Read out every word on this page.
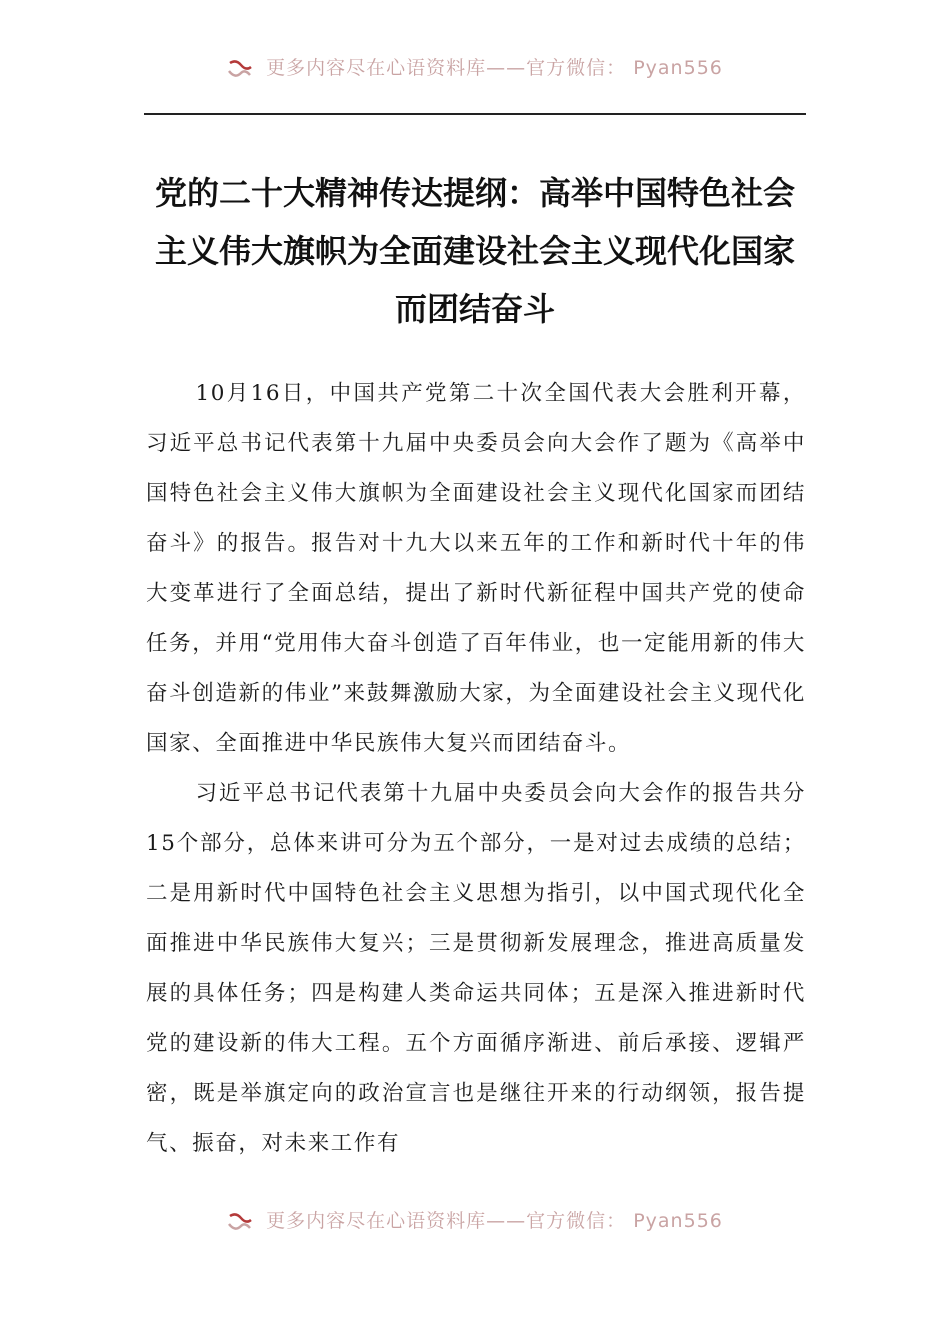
更多内容尽在心语资料库——官方微信： Pyan556
党的二十大精神传达提纲：高举中国特色社会主义伟大旗帜为全面建设社会主义现代化国家而团结奋斗

10月16日，中国共产党第二十次全国代表大会胜利开幕，习近平总书记代表第十九届中央委员会向大会作了题为《高举中国特色社会主义伟大旗帜为全面建设社会主义现代化国家而团结奋斗》的报告。报告对十九大以来五年的工作和新时代十年的伟大变革进行了全面总结，提出了新时代新征程中国共产党的使命任务，并用“党用伟大奋斗创造了百年伟业，也一定能用新的伟大奋斗创造新的伟业”来鼓舞激励大家，为全面建设社会主义现代化国家、全面推进中华民族伟大复兴而团结奋斗。

习近平总书记代表第十九届中央委员会向大会作的报告共分15个部分，总体来讲可分为五个部分，一是对过去成绩的总结；二是用新时代中国特色社会主义思想为指引，以中国式现代化全面推进中华民族伟大复兴；三是贯彻新发展理念，推进高质量发展的具体任务；四是构建人类命运共同体；五是深入推进新时代党的建设新的伟大工程。五个方面循序渐进、前后承接、逻辑严密，既是举旗定向的政治宣言也是继往开来的行动纲领，报告提气、振奋，对未来工作有

更多内容尽在心语资料库——官方微信： Pyan556
